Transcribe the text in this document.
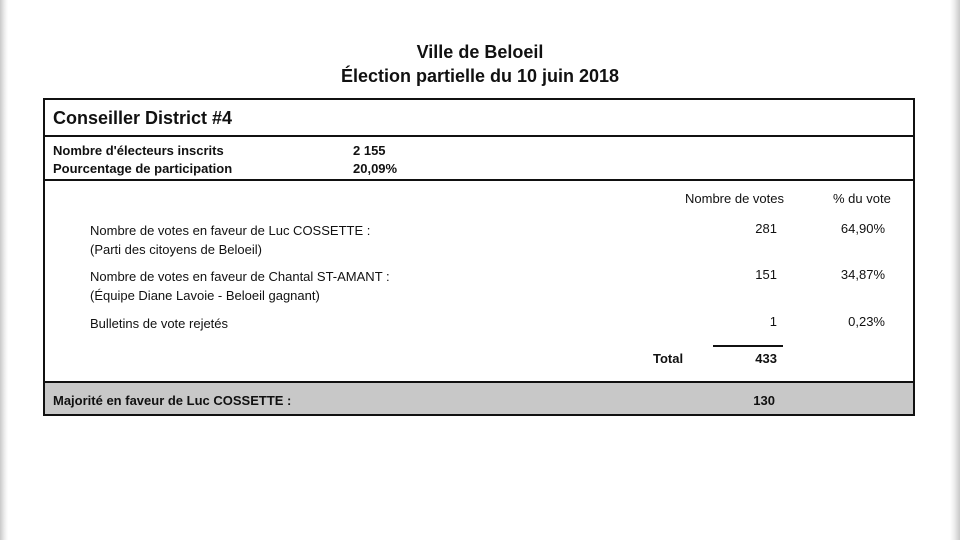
Ville de Beloeil
Élection partielle du 10 juin 2018
Conseiller District #4
Nombre d'électeurs inscrits	2 155
Pourcentage de participation	20,09%
Nombre de votes	% du vote
Nombre de votes en faveur de Luc COSSETTE :
(Parti des citoyens de Beloeil)
281	64,90%
Nombre de votes en faveur de Chantal ST-AMANT :
(Équipe Diane Lavoie - Beloeil gagnant)
151	34,87%
Bulletins de vote rejetés	1	0,23%
Total	433
Majorité en faveur de Luc COSSETTE :	130
